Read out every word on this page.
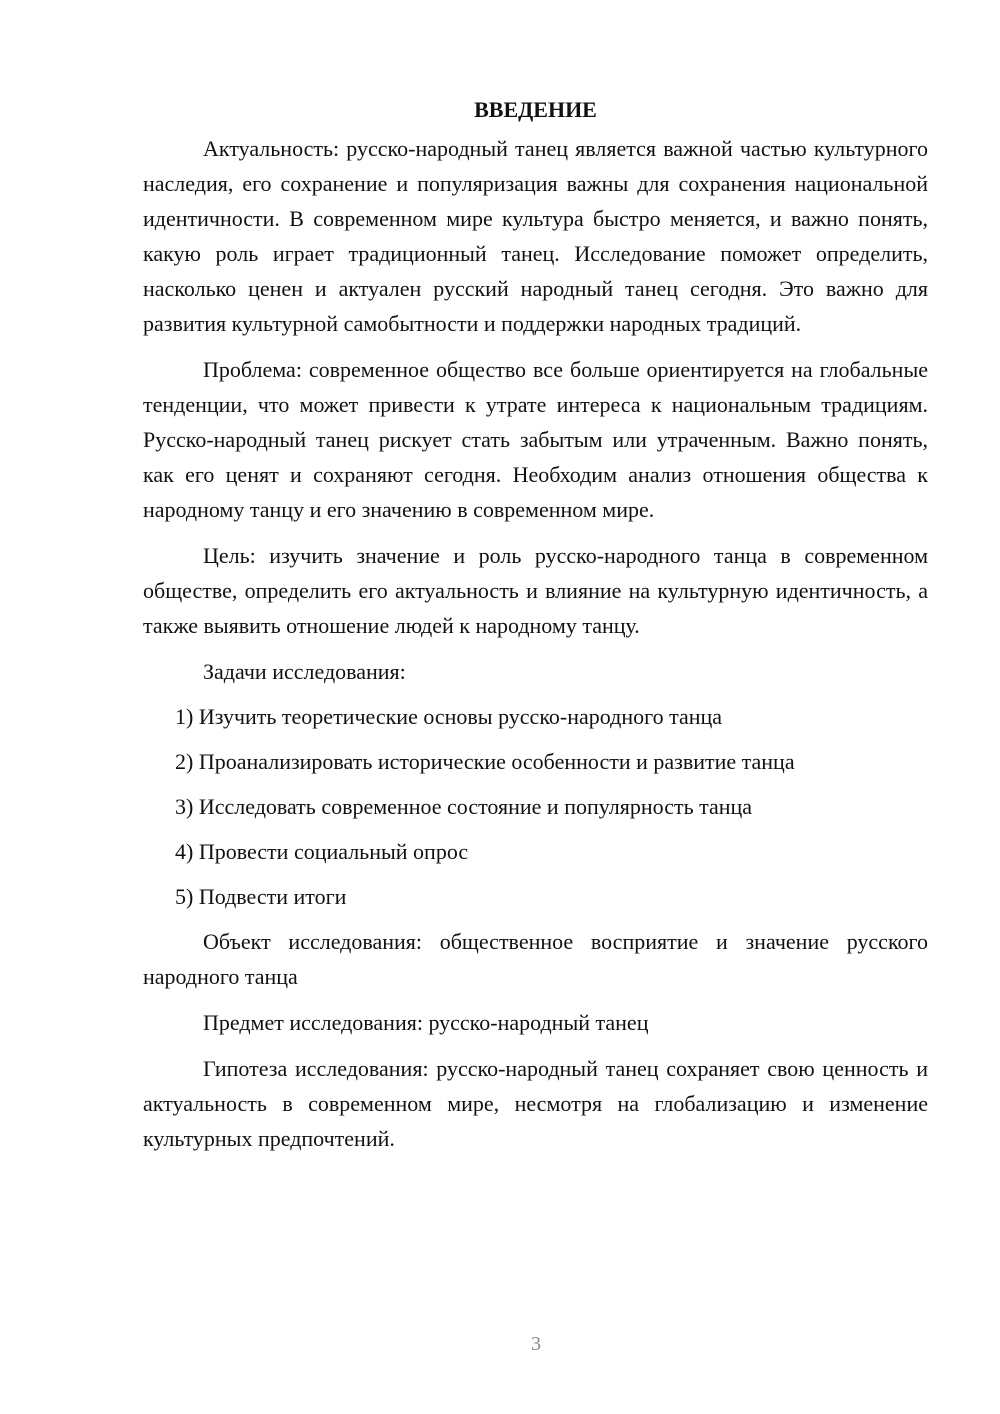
ВВЕДЕНИЕ

Актуальность: русско-народный танец является важной частью культурного наследия, его сохранение и популяризация важны для сохранения национальной идентичности. В современном мире культура быстро меняется, и важно понять, какую роль играет традиционный танец. Исследование поможет определить, насколько ценен и актуален русский народный танец сегодня. Это важно для развития культурной самобытности и поддержки народных традиций.

Проблема: современное общество все больше ориентируется на глобальные тенденции, что может привести к утрате интереса к национальным традициям. Русско-народный танец рискует стать забытым или утраченным. Важно понять, как его ценят и сохраняют сегодня. Необходим анализ отношения общества к народному танцу и его значению в современном мире.

Цель: изучить значение и роль русско-народного танца в современном обществе, определить его актуальность и влияние на культурную идентичность, а также выявить отношение людей к народному танцу.

Задачи исследования:

1) Изучить теоретические основы русско-народного танца

2) Проанализировать исторические особенности и развитие танца

3) Исследовать современное состояние и популярность танца

4) Провести социальный опрос

5) Подвести итоги

Объект исследования: общественное восприятие и значение русского народного танца

Предмет исследования: русско-народный танец

Гипотеза исследования: русско-народный танец сохраняет свою ценность и актуальность в современном мире, несмотря на глобализацию и изменение культурных предпочтений.

3
